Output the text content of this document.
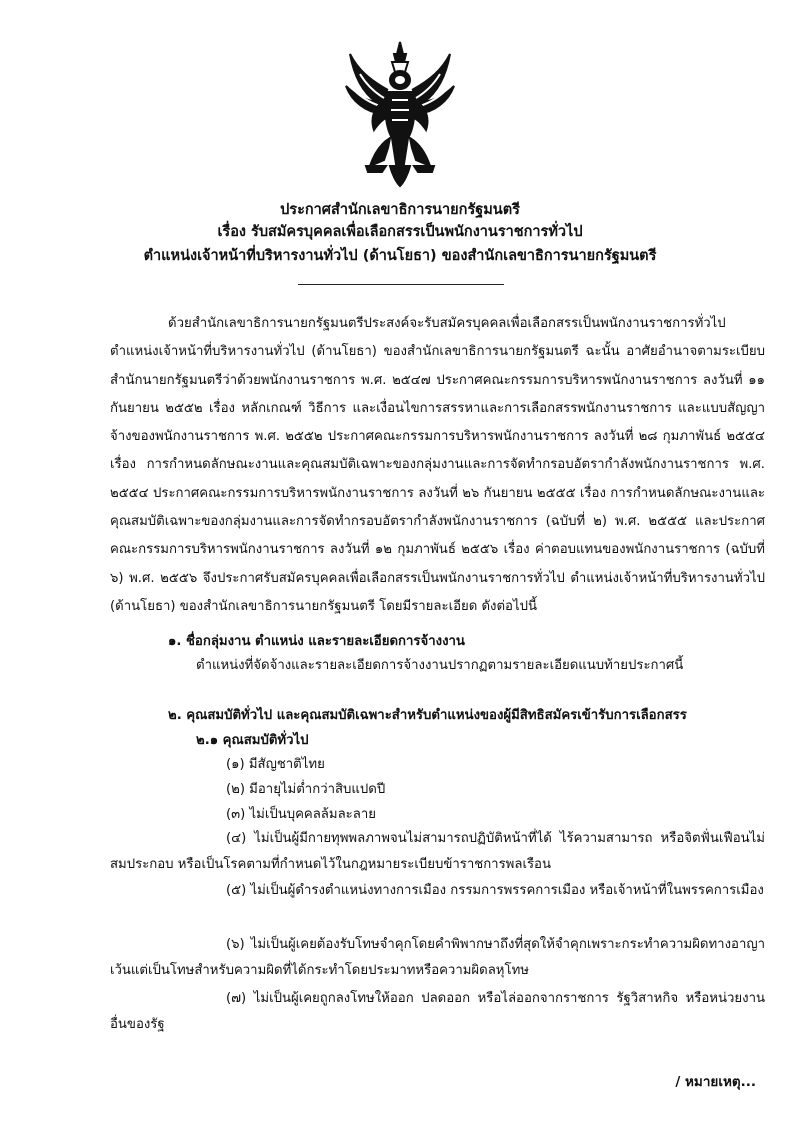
ประกาศสำนักเลขาธิการนายกรัฐมนตรี
เรื่อง รับสมัครบุคคลเพื่อเลือกสรรเป็นพนักงานราชการทั่วไป
ตำแหน่งเจ้าหน้าที่บริหารงานทั่วไป (ด้านโยธา) ของสำนักเลขาธิการนายกรัฐมนตรี
ด้วยสำนักเลขาธิการนายกรัฐมนตรีประสงค์จะรับสมัครบุคคลเพื่อเลือกสรรเป็นพนักงานราชการทั่วไป ตำแหน่งเจ้าหน้าที่บริหารงานทั่วไป (ด้านโยธา) ของสำนักเลขาธิการนายกรัฐมนตรี ฉะนั้น อาศัยอำนาจตามระเบียบสำนักนายกรัฐมนตรีว่าด้วยพนักงานราชการ พ.ศ. ๒๕๔๗ ประกาศคณะกรรมการบริหารพนักงานราชการ ลงวันที่ ๑๑ กันยายน ๒๕๕๒ เรื่อง หลักเกณฑ์ วิธีการ และเงื่อนไขการสรรหาและการเลือกสรรพนักงานราชการ และแบบสัญญาจ้างของพนักงานราชการ พ.ศ. ๒๕๕๒ ประกาศคณะกรรมการบริหารพนักงานราชการ ลงวันที่ ๒๘ กุมภาพันธ์ ๒๕๕๔ เรื่อง การกำหนดลักษณะงานและคุณสมบัติเฉพาะของกลุ่มงานและการจัดทำกรอบอัตรากำลังพนักงานราชการ พ.ศ. ๒๕๕๔ ประกาศคณะกรรมการบริหารพนักงานราชการ ลงวันที่ ๒๖ กันยายน ๒๕๕๕ เรื่อง การกำหนดลักษณะงานและคุณสมบัติเฉพาะของกลุ่มงานและการจัดทำกรอบอัตรากำลังพนักงานราชการ (ฉบับที่ ๒) พ.ศ. ๒๕๕๕ และประกาศคณะกรรมการบริหารพนักงานราชการ ลงวันที่ ๑๒ กุมภาพันธ์ ๒๕๕๖ เรื่อง ค่าตอบแทนของพนักงานราชการ (ฉบับที่ ๖) พ.ศ. ๒๕๕๖ จึงประกาศรับสมัครบุคคลเพื่อเลือกสรรเป็นพนักงานราชการทั่วไป ตำแหน่งเจ้าหน้าที่บริหารงานทั่วไป (ด้านโยธา) ของสำนักเลขาธิการนายกรัฐมนตรี โดยมีรายละเอียด ดังต่อไปนี้
๑. ชื่อกลุ่มงาน ตำแหน่ง และรายละเอียดการจ้างงาน
ตำแหน่งที่จัดจ้างและรายละเอียดการจ้างงานปรากฏตามรายละเอียดแนบท้ายประกาศนี้
๒. คุณสมบัติทั่วไป และคุณสมบัติเฉพาะสำหรับตำแหน่งของผู้มีสิทธิสมัครเข้ารับการเลือกสรร
๒.๑ คุณสมบัติทั่วไป
(๑) มีสัญชาติไทย
(๒) มีอายุไม่ต่ำกว่าสิบแปดปี
(๓) ไม่เป็นบุคคลล้มละลาย
(๔) ไม่เป็นผู้มีกายทุพพลภาพจนไม่สามารถปฏิบัติหน้าที่ได้ ไร้ความสามารถ หรือจิตฟั่นเฟือนไม่สมประกอบ หรือเป็นโรคตามที่กำหนดไว้ในกฎหมายระเบียบข้าราชการพลเรือน
(๕) ไม่เป็นผู้ดำรงตำแหน่งทางการเมือง กรรมการพรรคการเมือง หรือเจ้าหน้าที่ในพรรคการเมือง
(๖) ไม่เป็นผู้เคยต้องรับโทษจำคุกโดยคำพิพากษาถึงที่สุดให้จำคุกเพราะกระทำความผิดทางอาญา เว้นแต่เป็นโทษสำหรับความผิดที่ได้กระทำโดยประมาทหรือความผิดลหุโทษ
(๗) ไม่เป็นผู้เคยถูกลงโทษให้ออก ปลดออก หรือไล่ออกจากราชการ รัฐวิสาหกิจ หรือหน่วยงานอื่นของรัฐ
/ หมายเหตุ...
